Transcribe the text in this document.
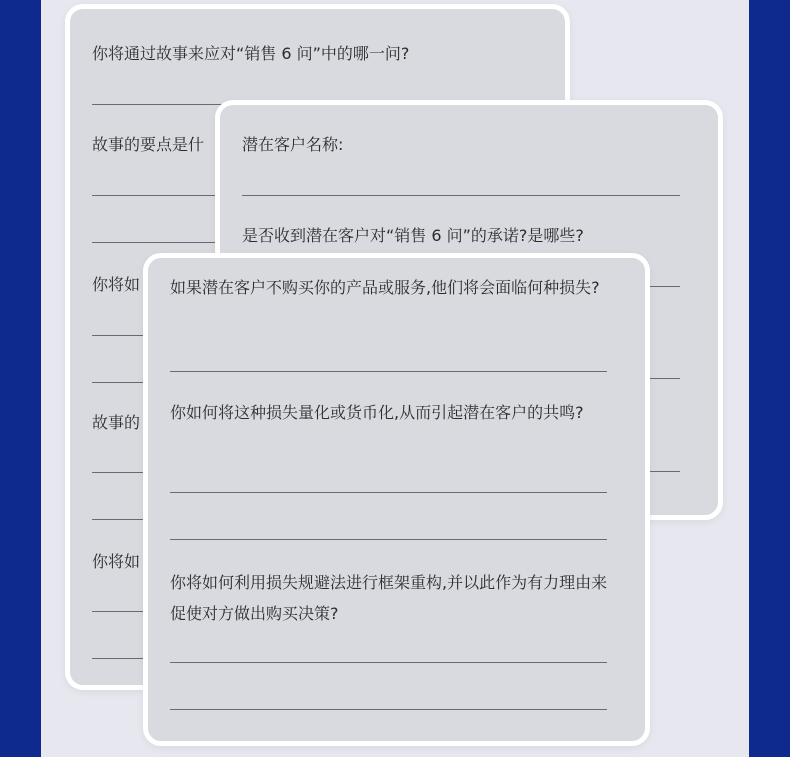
你将通过故事来应对“销售 6 问”中的哪一问?

故事的要点是什

你将如

故事的

你将如

潜在客户名称:

是否收到潜在客户对“销售 6 问”的承诺?是哪些?

如果潜在客户不购买你的产品或服务,他们将会面临何种损失?

你如何将这种损失量化或货币化,从而引起潜在客户的共鸣?

你将如何利用损失规避法进行框架重构,并以此作为有力理由来促使对方做出购买决策?
